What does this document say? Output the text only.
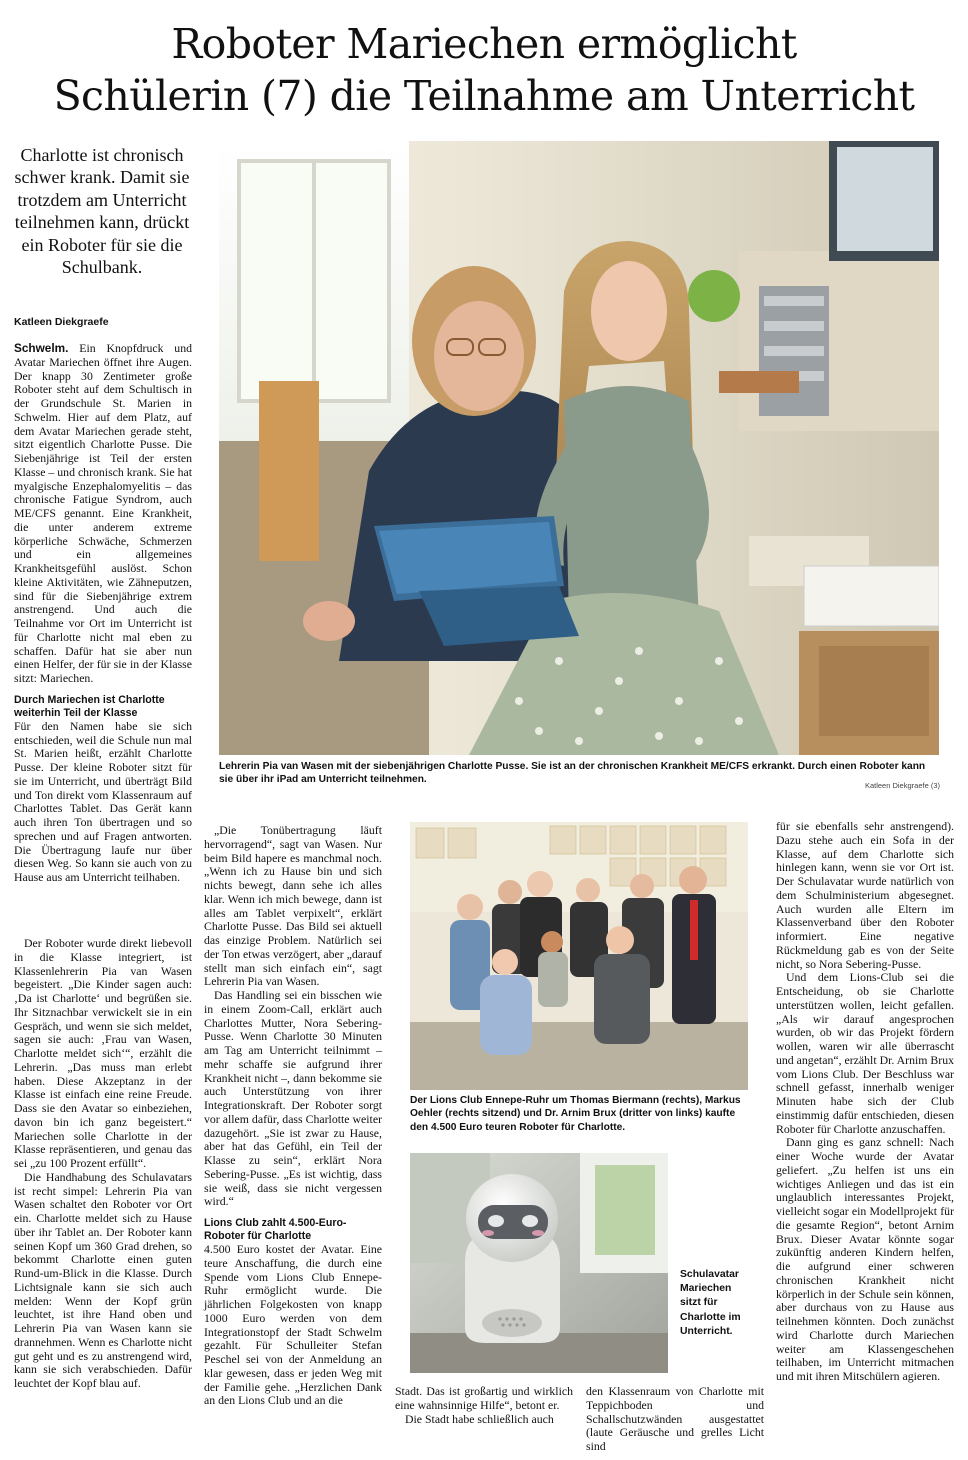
Roboter Mariechen ermöglicht
Schülerin (7) die Teilnahme am Unterricht
Charlotte ist chronisch schwer krank. Damit sie trotzdem am Unterricht teilnehmen kann, drückt ein Roboter für sie die Schulbank.
Katleen Diekgraefe

Schwelm. Ein Knopfdruck und Avatar Mariechen öffnet ihre Augen. Der knapp 30 Zentimeter große Roboter steht auf dem Schultisch in der Grundschule St. Marien in Schwelm. Hier auf dem Platz, auf dem Avatar Mariechen gerade steht, sitzt eigentlich Charlotte Pusse. Die Siebenjährige ist Teil der ersten Klasse – und chronisch krank. Sie hat myalgische Enzephalomyelitis – das chronische Fatigue Syndrom, auch ME/CFS genannt. Eine Krankheit, die unter anderem extreme körperliche Schwäche, Schmerzen und ein allgemeines Krankheitsgefühl auslöst. Schon kleine Aktivitäten, wie Zähneputzen, sind für die Siebenjährige extrem anstrengend. Und auch die Teilnahme vor Ort im Unterricht ist für Charlotte nicht mal eben zu schaffen. Dafür hat sie aber nun einen Helfer, der für sie in der Klasse sitzt: Mariechen.

Durch Mariechen ist Charlotte weiterhin Teil der Klasse

Für den Namen habe sie sich entschieden, weil die Schule nun mal St. Marien heißt, erzählt Charlotte Pusse. Der kleine Roboter sitzt für sie im Unterricht, und überträgt Bild und Ton direkt vom Klassenraum auf Charlottes Tablet. Das Gerät kann auch ihren Ton übertragen und so sprechen und auf Fragen antworten. Die Übertragung laufe nur über diesen Weg. So kann sie auch von zu Hause aus am Unterricht teilhaben.

Der Roboter wurde direkt liebevoll in die Klasse integriert, ist Klassenlehrerin Pia van Wasen begeistert. „Die Kinder sagen auch: ‚Da ist Charlotte‘ und begrüßen sie. Ihr Sitznachbar verwickelt sie in ein Gespräch, und wenn sie sich meldet, sagen sie auch: ‚Frau van Wasen, Charlotte meldet sich‘“, erzählt die Lehrerin. „Das muss man erlebt haben. Diese Akzeptanz in der Klasse ist einfach eine reine Freude. Dass sie den Avatar so einbeziehen, davon bin ich ganz begeistert.“ Mariechen solle Charlotte in der Klasse repräsentieren, und genau das sei „zu 100 Prozent erfüllt“.

Die Handhabung des Schulavatars ist recht simpel: Lehrerin Pia van Wasen schaltet den Roboter vor Ort ein. Charlotte meldet sich zu Hause über ihr Tablet an. Der Roboter kann seinen Kopf um 360 Grad drehen, so bekommt Charlotte einen guten Rund-um-Blick in die Klasse. Durch Lichtsignale kann sie sich auch melden: Wenn der Kopf grün leuchtet, ist ihre Hand oben und Lehrerin Pia van Wasen kann sie drannehmen. Wenn es Charlotte nicht gut geht und es zu anstrengend wird, kann sie sich verabschieden. Dafür leuchtet der Kopf blau auf.

Lehrerin Pia van Wasen mit der siebenjährigen Charlotte Pusse. Sie ist an der chronischen Krankheit ME/CFS erkrankt. Durch einen Roboter kann sie über ihr iPad am Unterricht teilnehmen.
Katleen Diekgraefe (3)

„Die Tonübertragung läuft hervorragend“, sagt van Wasen. Nur beim Bild hapere es manchmal noch. „Wenn ich zu Hause bin und sich nichts bewegt, dann sehe ich alles klar. Wenn ich mich bewege, dann ist alles am Tablet verpixelt“, erklärt Charlotte Pusse. Das Bild sei aktuell das einzige Problem. Natürlich sei der Ton etwas verzögert, aber „darauf stellt man sich einfach ein“, sagt Lehrerin Pia van Wasen.

Das Handling sei ein bisschen wie in einem Zoom-Call, erklärt auch Charlottes Mutter, Nora Sebering-Pusse. Wenn Charlotte 30 Minuten am Tag am Unterricht teilnimmt – mehr schaffe sie aufgrund ihrer Krankheit nicht –, dann bekomme sie auch Unterstützung von ihrer Integrationskraft. Der Roboter sorgt vor allem dafür, dass Charlotte weiter dazugehört. „Sie ist zwar zu Hause, aber hat das Gefühl, ein Teil der Klasse zu sein“, erklärt Nora Sebering-Pusse. „Es ist wichtig, dass sie weiß, dass sie nicht vergessen wird.“

Lions Club zahlt 4.500-Euro-Roboter für Charlotte

4.500 Euro kostet der Avatar. Eine teure Anschaffung, die durch eine Spende vom Lions Club Ennepe-Ruhr ermöglicht wurde. Die jährlichen Folgekosten von knapp 1000 Euro werden von dem Integrationstopf der Stadt Schwelm gezahlt. Für Schulleiter Stefan Peschel sei von der Anmeldung an klar gewesen, dass er jeden Weg mit der Familie gehe. „Herzlichen Dank an den Lions Club und an die

Der Lions Club Ennepe-Ruhr um Thomas Biermann (rechts), Markus Oehler (rechts sitzend) und Dr. Arnim Brux (dritter von links) kaufte den 4.500 Euro teuren Roboter für Charlotte.
Schulavatar Mariechen sitzt für Charlotte im Unterricht.

Stadt. Das ist großartig und wirklich eine wahnsinnige Hilfe“, betont er.

Die Stadt habe schließlich auch

den Klassenraum von Charlotte mit Teppichboden und Schallschutzwänden ausgestattet (laute Geräusche und grelles Licht sind

für sie ebenfalls sehr anstrengend). Dazu stehe auch ein Sofa in der Klasse, auf dem Charlotte sich hinlegen kann, wenn sie vor Ort ist. Der Schulavatar wurde natürlich von dem Schulministerium abgesegnet. Auch wurden alle Eltern im Klassenverband über den Roboter informiert. Eine negative Rückmeldung gab es von der Seite nicht, so Nora Sebering-Pusse.

Und dem Lions-Club sei die Entscheidung, ob sie Charlotte unterstützen wollen, leicht gefallen. „Als wir darauf angesprochen wurden, ob wir das Projekt fördern wollen, waren wir alle überrascht und angetan“, erzählt Dr. Arnim Brux vom Lions Club. Der Beschluss war schnell gefasst, innerhalb weniger Minuten habe sich der Club einstimmig dafür entschieden, diesen Roboter für Charlotte anzuschaffen.

Dann ging es ganz schnell: Nach einer Woche wurde der Avatar geliefert. „Zu helfen ist uns ein wichtiges Anliegen und das ist ein unglaublich interessantes Projekt, vielleicht sogar ein Modellprojekt für die gesamte Region“, betont Arnim Brux. Dieser Avatar könnte sogar zukünftig anderen Kindern helfen, die aufgrund einer schweren chronischen Krankheit nicht körperlich in der Schule sein können, aber durchaus von zu Hause aus teilnehmen könnten. Doch zunächst wird Charlotte durch Mariechen weiter am Klassengeschehen teilhaben, im Unterricht mitmachen und mit ihren Mitschülern agieren.
